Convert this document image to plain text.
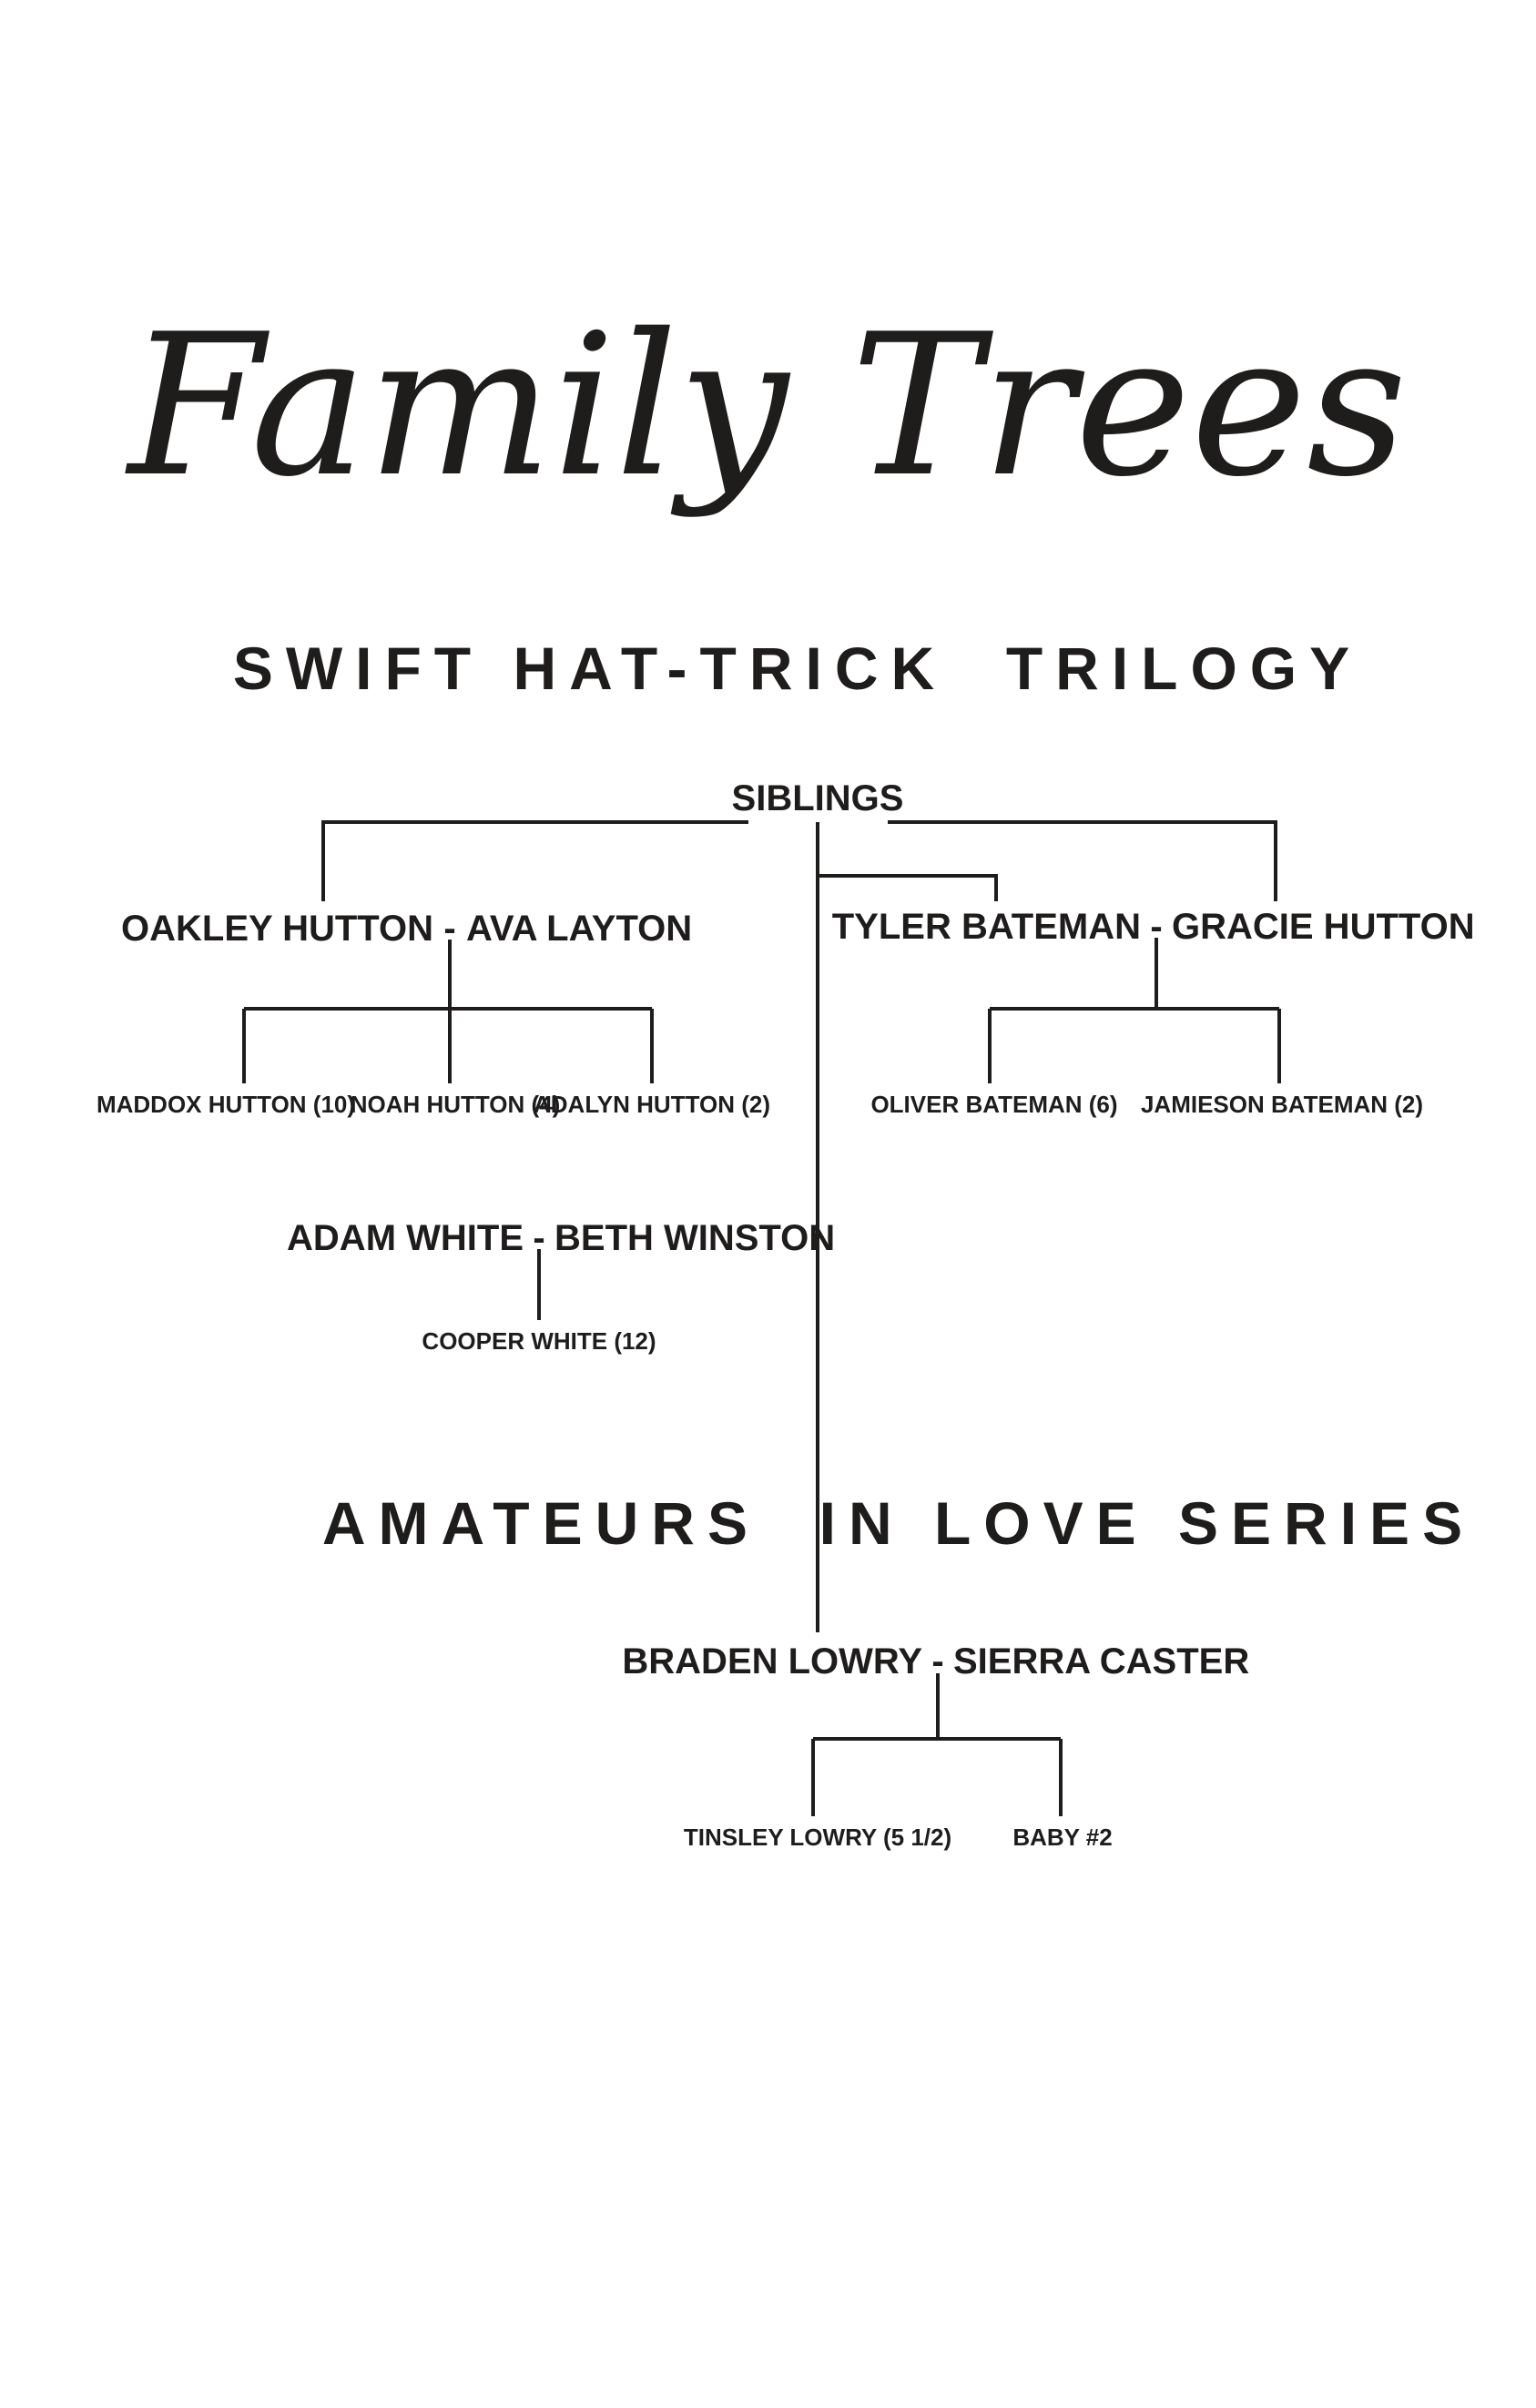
Family Trees
SWIFT HAT-TRICK  TRILOGY
AMATEURS  IN LOVE SERIES
SIBLINGS
OAKLEY HUTTON - AVA LAYTON	TYLER BATEMAN - GRACIE HUTTON
ADAM WHITE - BETH WINSTON
BRADEN LOWRY - SIERRA CASTER
MADDOX HUTTON (10)
NOAH HUTTON (4)
ADALYN HUTTON (2)	OLIVER BATEMAN (6) JAMIESON BATEMAN (2)
COOPER WHITE (12)
TINSLEY LOWRY (5 1/2)	BABY #2
